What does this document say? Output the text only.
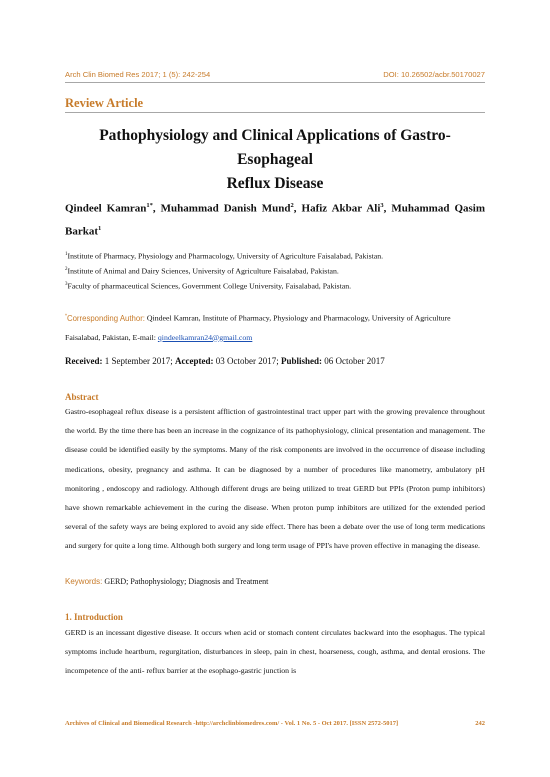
Arch Clin Biomed Res 2017; 1 (5): 242-254	DOI: 10.26502/acbr.50170027
Review Article
Pathophysiology and Clinical Applications of Gastro-Esophageal
Reflux Disease
Qindeel Kamran$^{1*}$, Muhammad Danish Mund$^2$, Hafiz Akbar Ali$^3$, Muhammad Qasim Barkat$^1$
$^1$Institute of Pharmacy, Physiology and Pharmacology, University of Agriculture Faisalabad, Pakistan.
$^2$Institute of Animal and Dairy Sciences, University of Agriculture Faisalabad, Pakistan.
$^3$Faculty of pharmaceutical Sciences, Government College University, Faisalabad, Pakistan.
*Corresponding Author: Qindeel Kamran, Institute of Pharmacy, Physiology and Pharmacology, University of Agriculture Faisalabad, Pakistan, E-mail: qindeelkamran24@gmail.com
Received: 1 September 2017; Accepted: 03 October 2017; Published: 06 October 2017
Abstract
Gastro-esophageal reflux disease is a persistent affliction of gastrointestinal tract upper part with the growing prevalence throughout the world. By the time there has been an increase in the cognizance of its pathophysiology, clinical presentation and management. The disease could be identified easily by the symptoms. Many of the risk components are involved in the occurrence of disease including medications, obesity, pregnancy and asthma. It can be diagnosed by a number of procedures like manometry, ambulatory pH monitoring , endoscopy and radiology. Although different drugs are being utilized to treat GERD but PPIs (Proton pump inhibitors) have shown remarkable achievement in the curing the disease. When proton pump inhibitors are utilized for the extended period several of the safety ways are being explored to avoid any side effect. There has been a debate over the use of long term medications and surgery for quite a long time. Although both surgery and long term usage of PPI's have proven effective in managing the disease.
Keywords: GERD; Pathophysiology; Diagnosis and Treatment
1. Introduction
GERD is an incessant digestive disease. It occurs when acid or stomach content circulates backward into the esophagus. The typical symptoms include heartburn, regurgitation, disturbances in sleep, pain in chest, hoarseness, cough, asthma, and dental erosions. The incompetence of the anti- reflux barrier at the esophago-gastric junction is
Archives of Clinical and Biomedical Research -http://archclinbiomedres.com/ - Vol. 1 No. 5 - Oct 2017. [ISSN 2572-5017]	242
